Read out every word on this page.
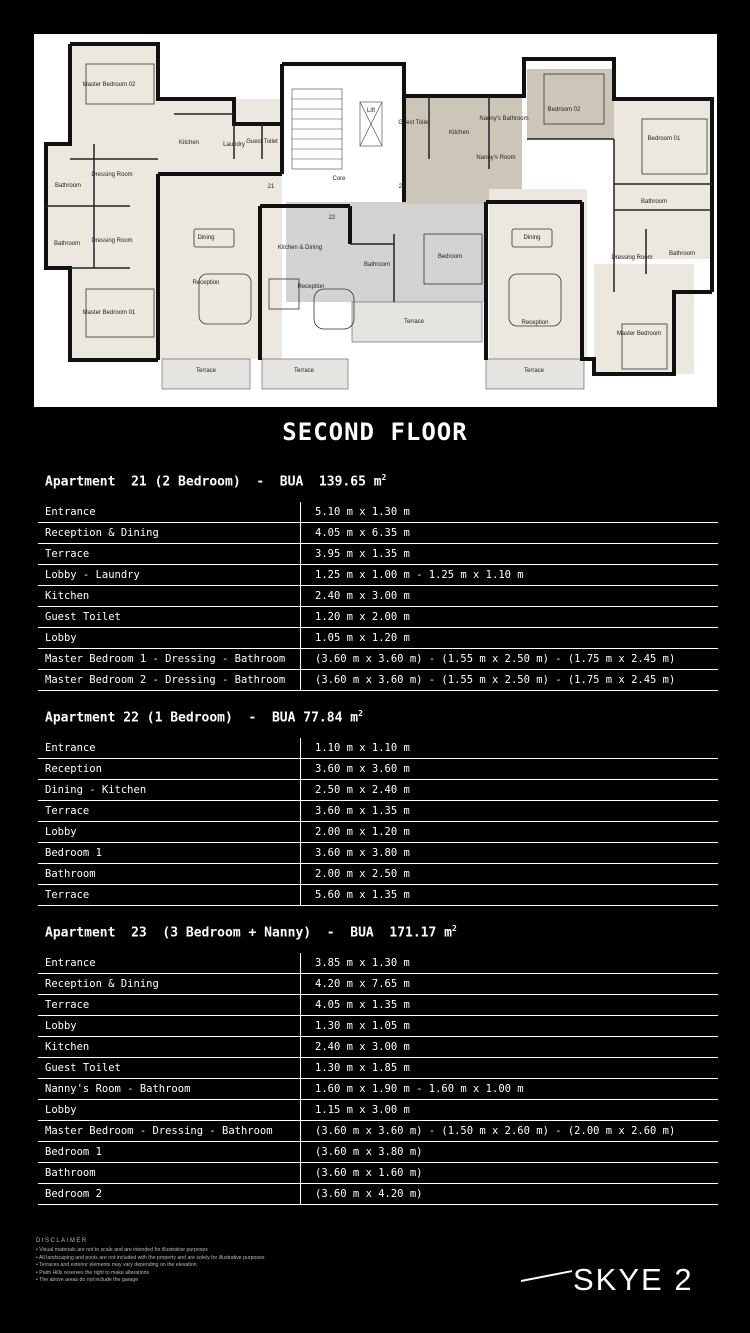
Master Bedroom 02
Kitchen	Laundry Guest Toilet
Dressing Room
Bathroom
Dressing Room
Bathroom
Dining
Reception
Master Bedroom 01
Terrace
21
Lift
Core
22
Kitchen & Dining
Reception
Bathroom
Bedroom
Terrace
Terrace
23
Guest Toilet
Kitchen
Nanny's Bathroom
Nanny's Room
Bedroom 02
Bedroom 01
Bathroom
Dining
Reception
Dressing Room
Bathroom
Master Bedroom
Terrace
SECOND FLOOR
Apartment  21 (2 Bedroom)  -  BUA  139.65 $m^2$
Entrance	5.10 m x 1.30 m
Reception & Dining	4.05 m x 6.35 m
Terrace	3.95 m x 1.35 m
Lobby - Laundry	1.25 m x 1.00 m - 1.25 m x 1.10 m
Kitchen	2.40 m x 3.00 m
Guest Toilet	1.20 m x 2.00 m
Lobby	1.05 m x 1.20 m
Master Bedroom 1 - Dressing - Bathroom	(3.60 m x 3.60 m) - (1.55 m x 2.50 m) - (1.75 m x 2.45 m)
Master Bedroom 2 - Dressing - Bathroom	(3.60 m x 3.60 m) - (1.55 m x 2.50 m) - (1.75 m x 2.45 m)
Apartment 22 (1 Bedroom)  -  BUA 77.84 $m^2$
Entrance	1.10 m x 1.10 m
Reception	3.60 m x 3.60 m
Dining - Kitchen	2.50 m x 2.40 m
Terrace	3.60 m x 1.35 m
Lobby	2.00 m x 1.20 m
Bedroom 1	3.60 m x 3.80 m
Bathroom	2.00 m x 2.50 m
Terrace	5.60 m x 1.35 m
Apartment  23  (3 Bedroom + Nanny)  -  BUA  171.17 $m^2$
Entrance	3.85 m x 1.30 m
Reception & Dining	4.20 m x 7.65 m
Terrace	4.05 m x 1.35 m
Lobby	1.30 m x 1.05 m
Kitchen	2.40 m x 3.00 m
Guest Toilet	1.30 m x 1.85 m
Nanny's Room - Bathroom	1.60 m x 1.90 m - 1.60 m x 1.00 m
Lobby	1.15 m x 3.00 m
Master Bedroom - Dressing - Bathroom	(3.60 m x 3.60 m) - (1.50 m x 2.60 m) - (2.00 m x 2.60 m)
Bedroom 1	(3.60 m x 3.80 m)
Bathroom	(3.60 m x 1.60 m)
Bedroom 2	(3.60 m x 4.20 m)
DISCLAIMER
• Visual materials are not to scale and are intended for illustrative purposes
• All landscaping and pools are not included with the property and are solely for illustrative purposes
• Terraces and exterior elements may vary depending on the elevation
• Palm Hills reserves the right to make alterations
• The above areas do not include the garage	SKYE 2
